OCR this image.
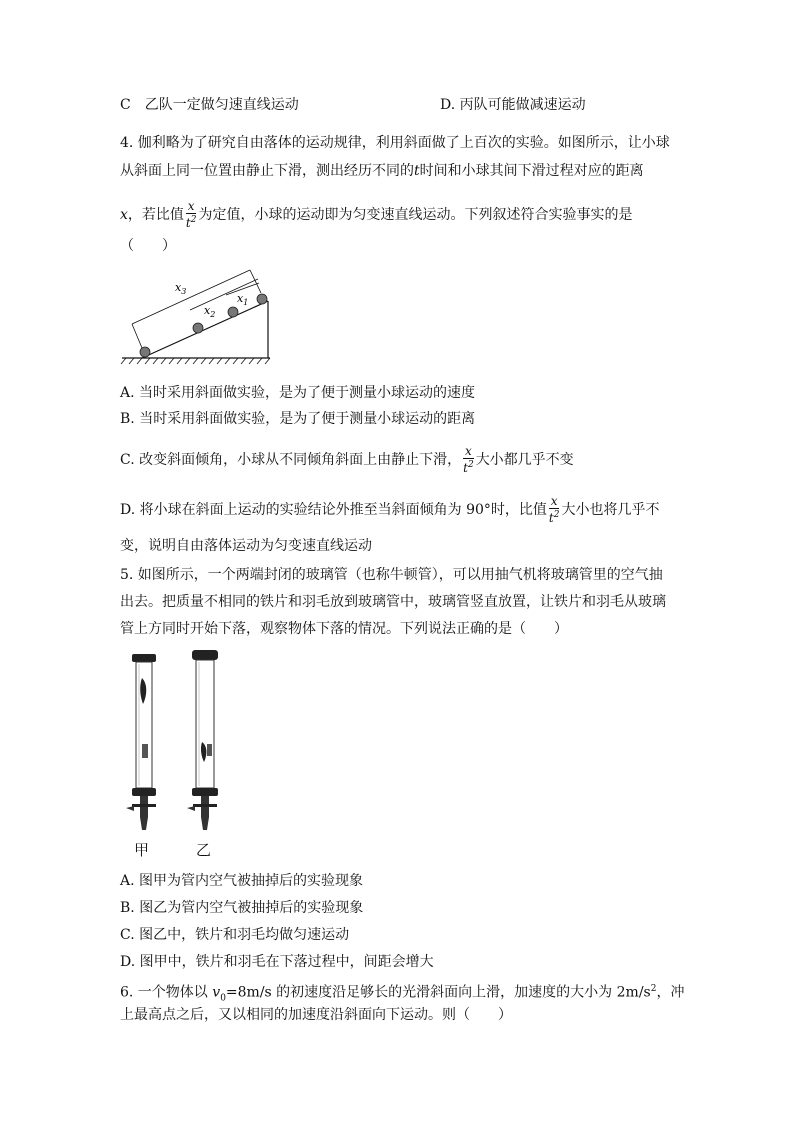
C　乙队一定做匀速直线运动	D. 丙队可能做减速运动
4. 伽利略为了研究自由落体的运动规律，利用斜面做了上百次的实验。如图所示，让小球
从斜面上同一位置由静止下滑，测出经历不同的t时间和小球其间下滑过程对应的距离
x，若比值 $\frac{x}{t^2}$ 为定值，小球的运动即为匀变速直线运动。下列叙述符合实验事实的是
（　　）
$x_3$
$x_2$
$x_1$
A. 当时采用斜面做实验，是为了便于测量小球运动的速度
B. 当时采用斜面做实验，是为了便于测量小球运动的距离
C. 改变斜面倾角，小球从不同倾角斜面上由静止下滑， $\frac{x}{t^2}$ 大小都几乎不变
D. 将小球在斜面上运动的实验结论外推至当斜面倾角为 90°时，比值 $\frac{x}{t^2}$ 大小也将几乎不
变，说明自由落体运动为匀变速直线运动
5. 如图所示，一个两端封闭的玻璃管（也称牛顿管），可以用抽气机将玻璃管里的空气抽
出去。把质量不相同的铁片和羽毛放到玻璃管中，玻璃管竖直放置，让铁片和羽毛从玻璃
管上方同时开始下落，观察物体下落的情况。下列说法正确的是（　　）
甲	乙
A. 图甲为管内空气被抽掉后的实验现象
B. 图乙为管内空气被抽掉后的实验现象
C. 图乙中，铁片和羽毛均做匀速运动
D. 图甲中，铁片和羽毛在下落过程中，间距会增大
6. 一个物体以 $v_0=8m/s$ 的初速度沿足够长的光滑斜面向上滑，加速度的大小为 $2m/s^2$，冲
上最高点之后，又以相同的加速度沿斜面向下运动。则（　　）
